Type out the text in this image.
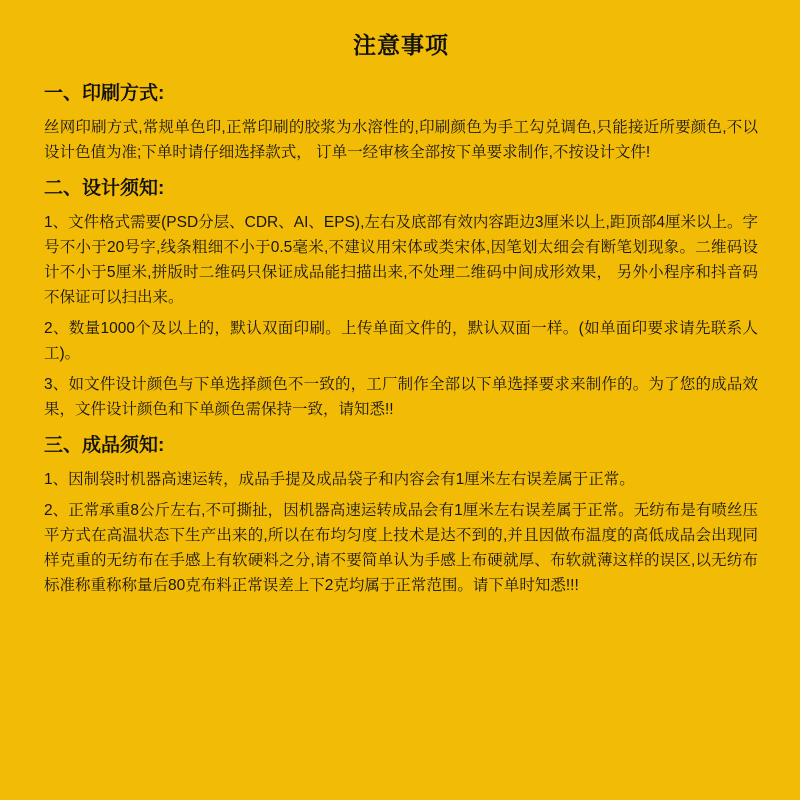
注意事项
一、印刷方式:

丝网印刷方式,常规单色印,正常印刷的胶浆为水溶性的,印刷颜色为手工勾兑调色,只能接近所要颜色,不以设计色值为准;下单时请仔细选择款式， 订单一经审核全部按下单要求制作,不按设计文件!

二、设计须知:

1、文件格式需要(PSD分层、CDR、AI、EPS),左右及底部有效内容距边3厘米以上,距顶部4厘米以上。字号不小于20号字,线条粗细不小于0.5毫米,不建议用宋体或类宋体,因笔划太细会有断笔划现象。二维码设计不小于5厘米,拼版时二维码只保证成品能扫描出来,不处理二维码中间成形效果， 另外小程序和抖音码不保证可以扫出来。

2、数量1000个及以上的，默认双面印刷。上传单面文件的，默认双面一样。(如单面印要求请先联系人工)。

3、如文件设计颜色与下单选择颜色不一致的，工厂制作全部以下单选择要求来制作的。为了您的成品效果，文件设计颜色和下单颜色需保持一致，请知悉!!

三、成品须知:

1、因制袋时机器高速运转，成品手提及成品袋子和内容会有1厘米左右误差属于正常。

2、正常承重8公斤左右,不可撕扯，因机器高速运转成品会有1厘米左右误差属于正常。无纺布是有喷丝压平方式在高温状态下生产出来的,所以在布均匀度上技术是达不到的,并且因做布温度的高低成品会出现同样克重的无纺布在手感上有软硬料之分,请不要简单认为手感上布硬就厚、布软就薄这样的误区,以无纺布标准称重称称量后80克布料正常误差上下2克均属于正常范围。请下单时知悉!!!
